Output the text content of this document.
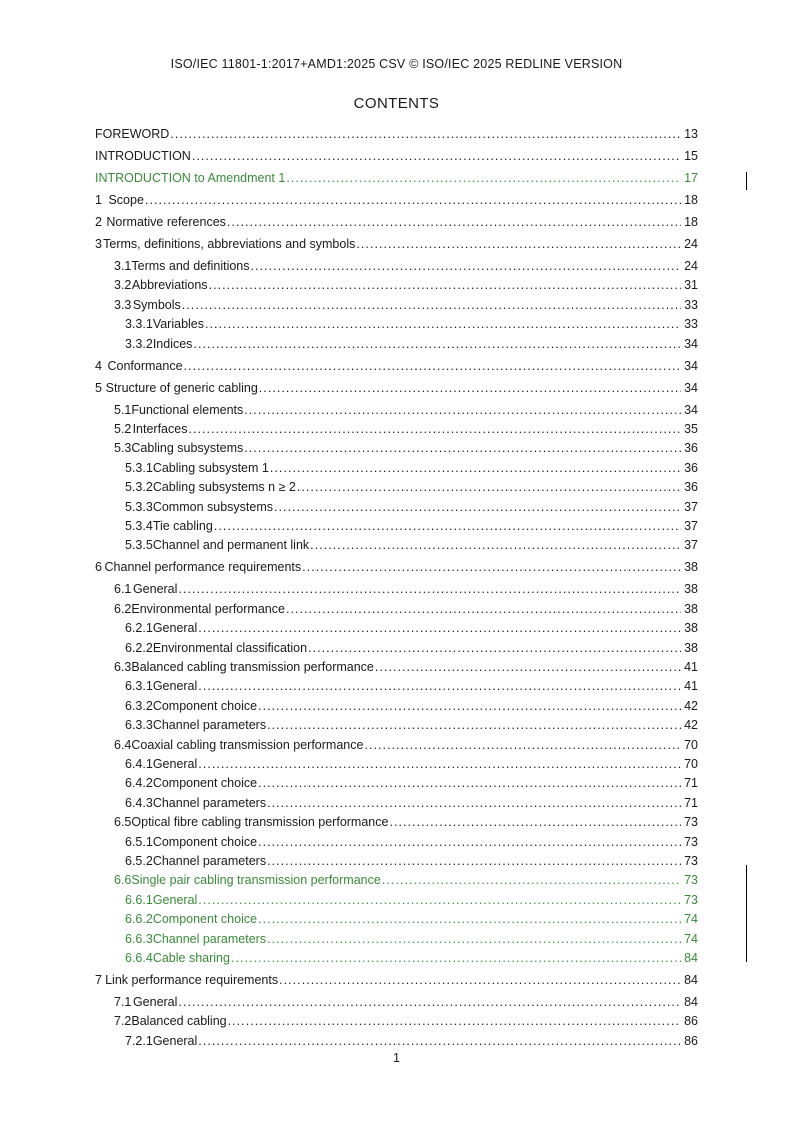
ISO/IEC 11801-1:2017+AMD1:2025 CSV © ISO/IEC 2025 REDLINE VERSION
CONTENTS
FOREWORD .....	13
INTRODUCTION .....	15
INTRODUCTION to Amendment 1 .....	17
1 Scope .....	18
2 Normative references .....	18
3 Terms, definitions, abbreviations and symbols .....	24
3.1 Terms and definitions .....	24
3.2 Abbreviations .....	31
3.3 Symbols .....	33
3.3.1 Variables .....	33
3.3.2 Indices .....	34
4 Conformance .....	34
5 Structure of generic cabling .....	34
5.1 Functional elements .....	34
5.2 Interfaces .....	35
5.3 Cabling subsystems .....	36
5.3.1 Cabling subsystem 1 .....	36
5.3.2 Cabling subsystems n ≥ 2 .....	36
5.3.3 Common subsystems .....	37
5.3.4 Tie cabling .....	37
5.3.5 Channel and permanent link .....	37
6 Channel performance requirements .....	38
6.1 General .....	38
6.2 Environmental performance .....	38
6.2.1 General .....	38
6.2.2 Environmental classification .....	38
6.3 Balanced cabling transmission performance .....	41
6.3.1 General .....	41
6.3.2 Component choice .....	42
6.3.3 Channel parameters .....	42
6.4 Coaxial cabling transmission performance .....	70
6.4.1 General .....	70
6.4.2 Component choice .....	71
6.4.3 Channel parameters .....	71
6.5 Optical fibre cabling transmission performance .....	73
6.5.1 Component choice .....	73
6.5.2 Channel parameters .....	73
6.6 Single pair cabling transmission performance .....	73
6.6.1 General .....	73
6.6.2 Component choice .....	74
6.6.3 Channel parameters .....	74
6.6.4 Cable sharing .....	84
7 Link performance requirements .....	84
7.1 General .....	84
7.2 Balanced cabling .....	86
7.2.1 General .....	86
1
